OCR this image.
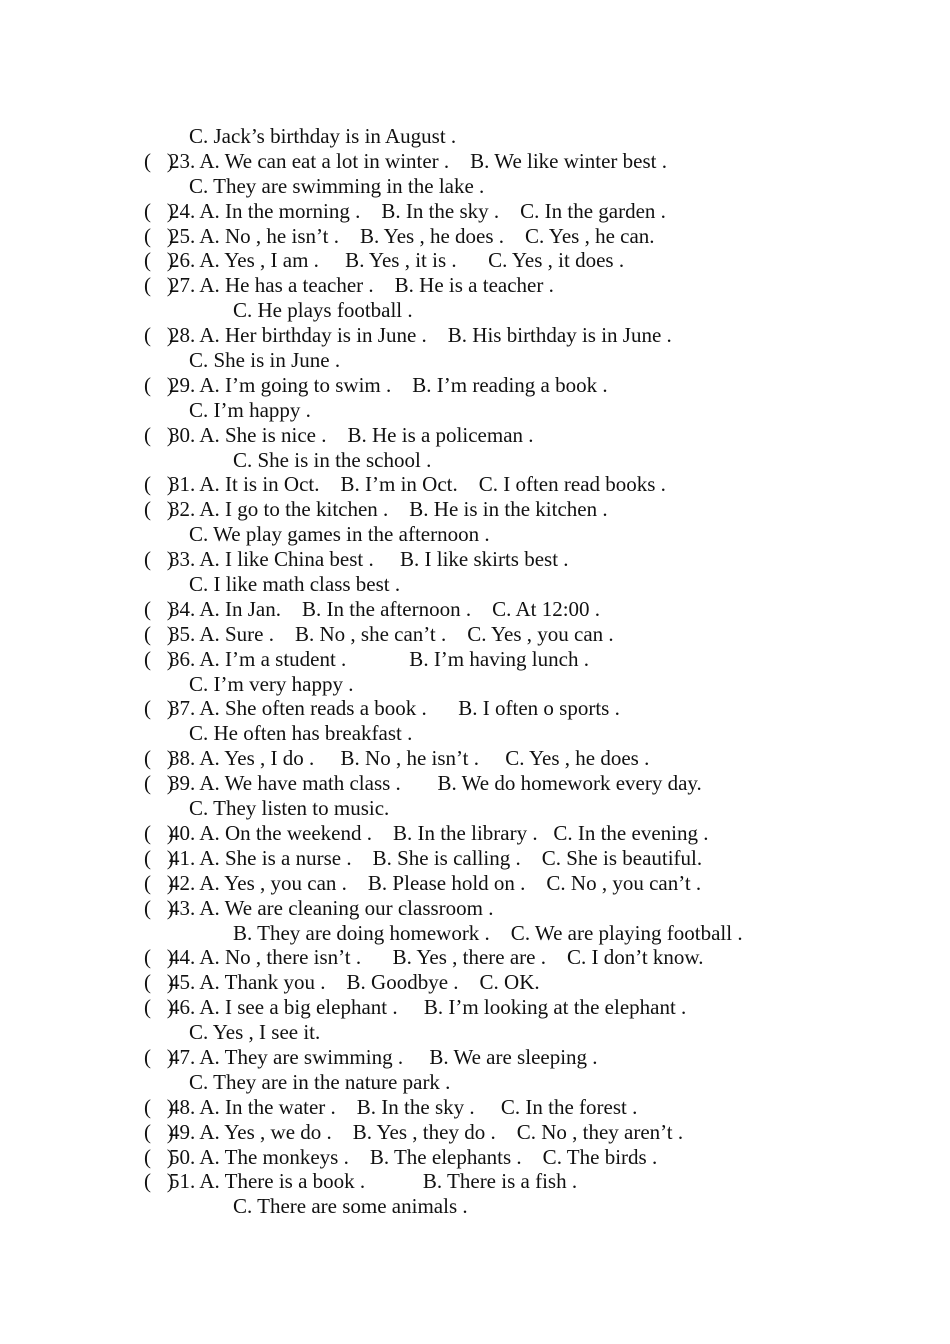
C. Jack’s birthday is in August .
(   )
23. A. We can eat a lot in winter .    B. We like winter best .
C. They are swimming in the lake .
(   )
24. A. In the morning .    B. In the sky .    C. In the garden .
(   )
25. A. No , he isn’t .    B. Yes , he does .    C. Yes , he can.
(   )
26. A. Yes , I am .     B. Yes , it is .      C. Yes , it does .
(   )
27. A. He has a teacher .    B. He is a teacher .
C. He plays football .
(   )
28. A. Her birthday is in June .    B. His birthday is in June .
C. She is in June .
(   )
29. A. I’m going to swim .    B. I’m reading a book .
C. I’m happy .
(   )
30. A. She is nice .    B. He is a policeman .
C. She is in the school .
(   )
31. A. It is in Oct.    B. I’m in Oct.    C. I often read books .
(   )
32. A. I go to the kitchen .    B. He is in the kitchen .
C. We play games in the afternoon .
(   )
33. A. I like China best .     B. I like skirts best .
C. I like math class best .
(   )
34. A. In Jan.    B. In the afternoon .    C. At 12:00 .
(   )
35. A. Sure .    B. No , she can’t .    C. Yes , you can .
(   )
36. A. I’m a student .            B. I’m having lunch .
C. I’m very happy .
(   )
37. A. She often reads a book .      B. I often o sports .
C. He often has breakfast .
(   )
38. A. Yes , I do .     B. No , he isn’t .     C. Yes , he does .
(   )
39. A. We have math class .       B. We do homework every day.
C. They listen to music.
(   )
40. A. On the weekend .    B. In the library .   C. In the evening .
(   )
41. A. She is a nurse .    B. She is calling .    C. She is beautiful.
(   )
42. A. Yes , you can .    B. Please hold on .    C. No , you can’t .
(   )
43. A. We are cleaning our classroom .
B. They are doing homework .    C. We are playing football .
(   )
44. A. No , there isn’t .      B. Yes , there are .    C. I don’t know.
(   )
45. A. Thank you .    B. Goodbye .    C. OK.
(   )
46. A. I see a big elephant .     B. I’m looking at the elephant .
C. Yes , I see it.
(   )
47. A. They are swimming .     B. We are sleeping .
C. They are in the nature park .
(   )
48. A. In the water .    B. In the sky .     C. In the forest .
(   )
49. A. Yes , we do .    B. Yes , they do .    C. No , they aren’t .
(   )
50. A. The monkeys .    B. The elephants .    C. The birds .
(   )
51. A. There is a book .           B. There is a fish .
C. There are some animals .
